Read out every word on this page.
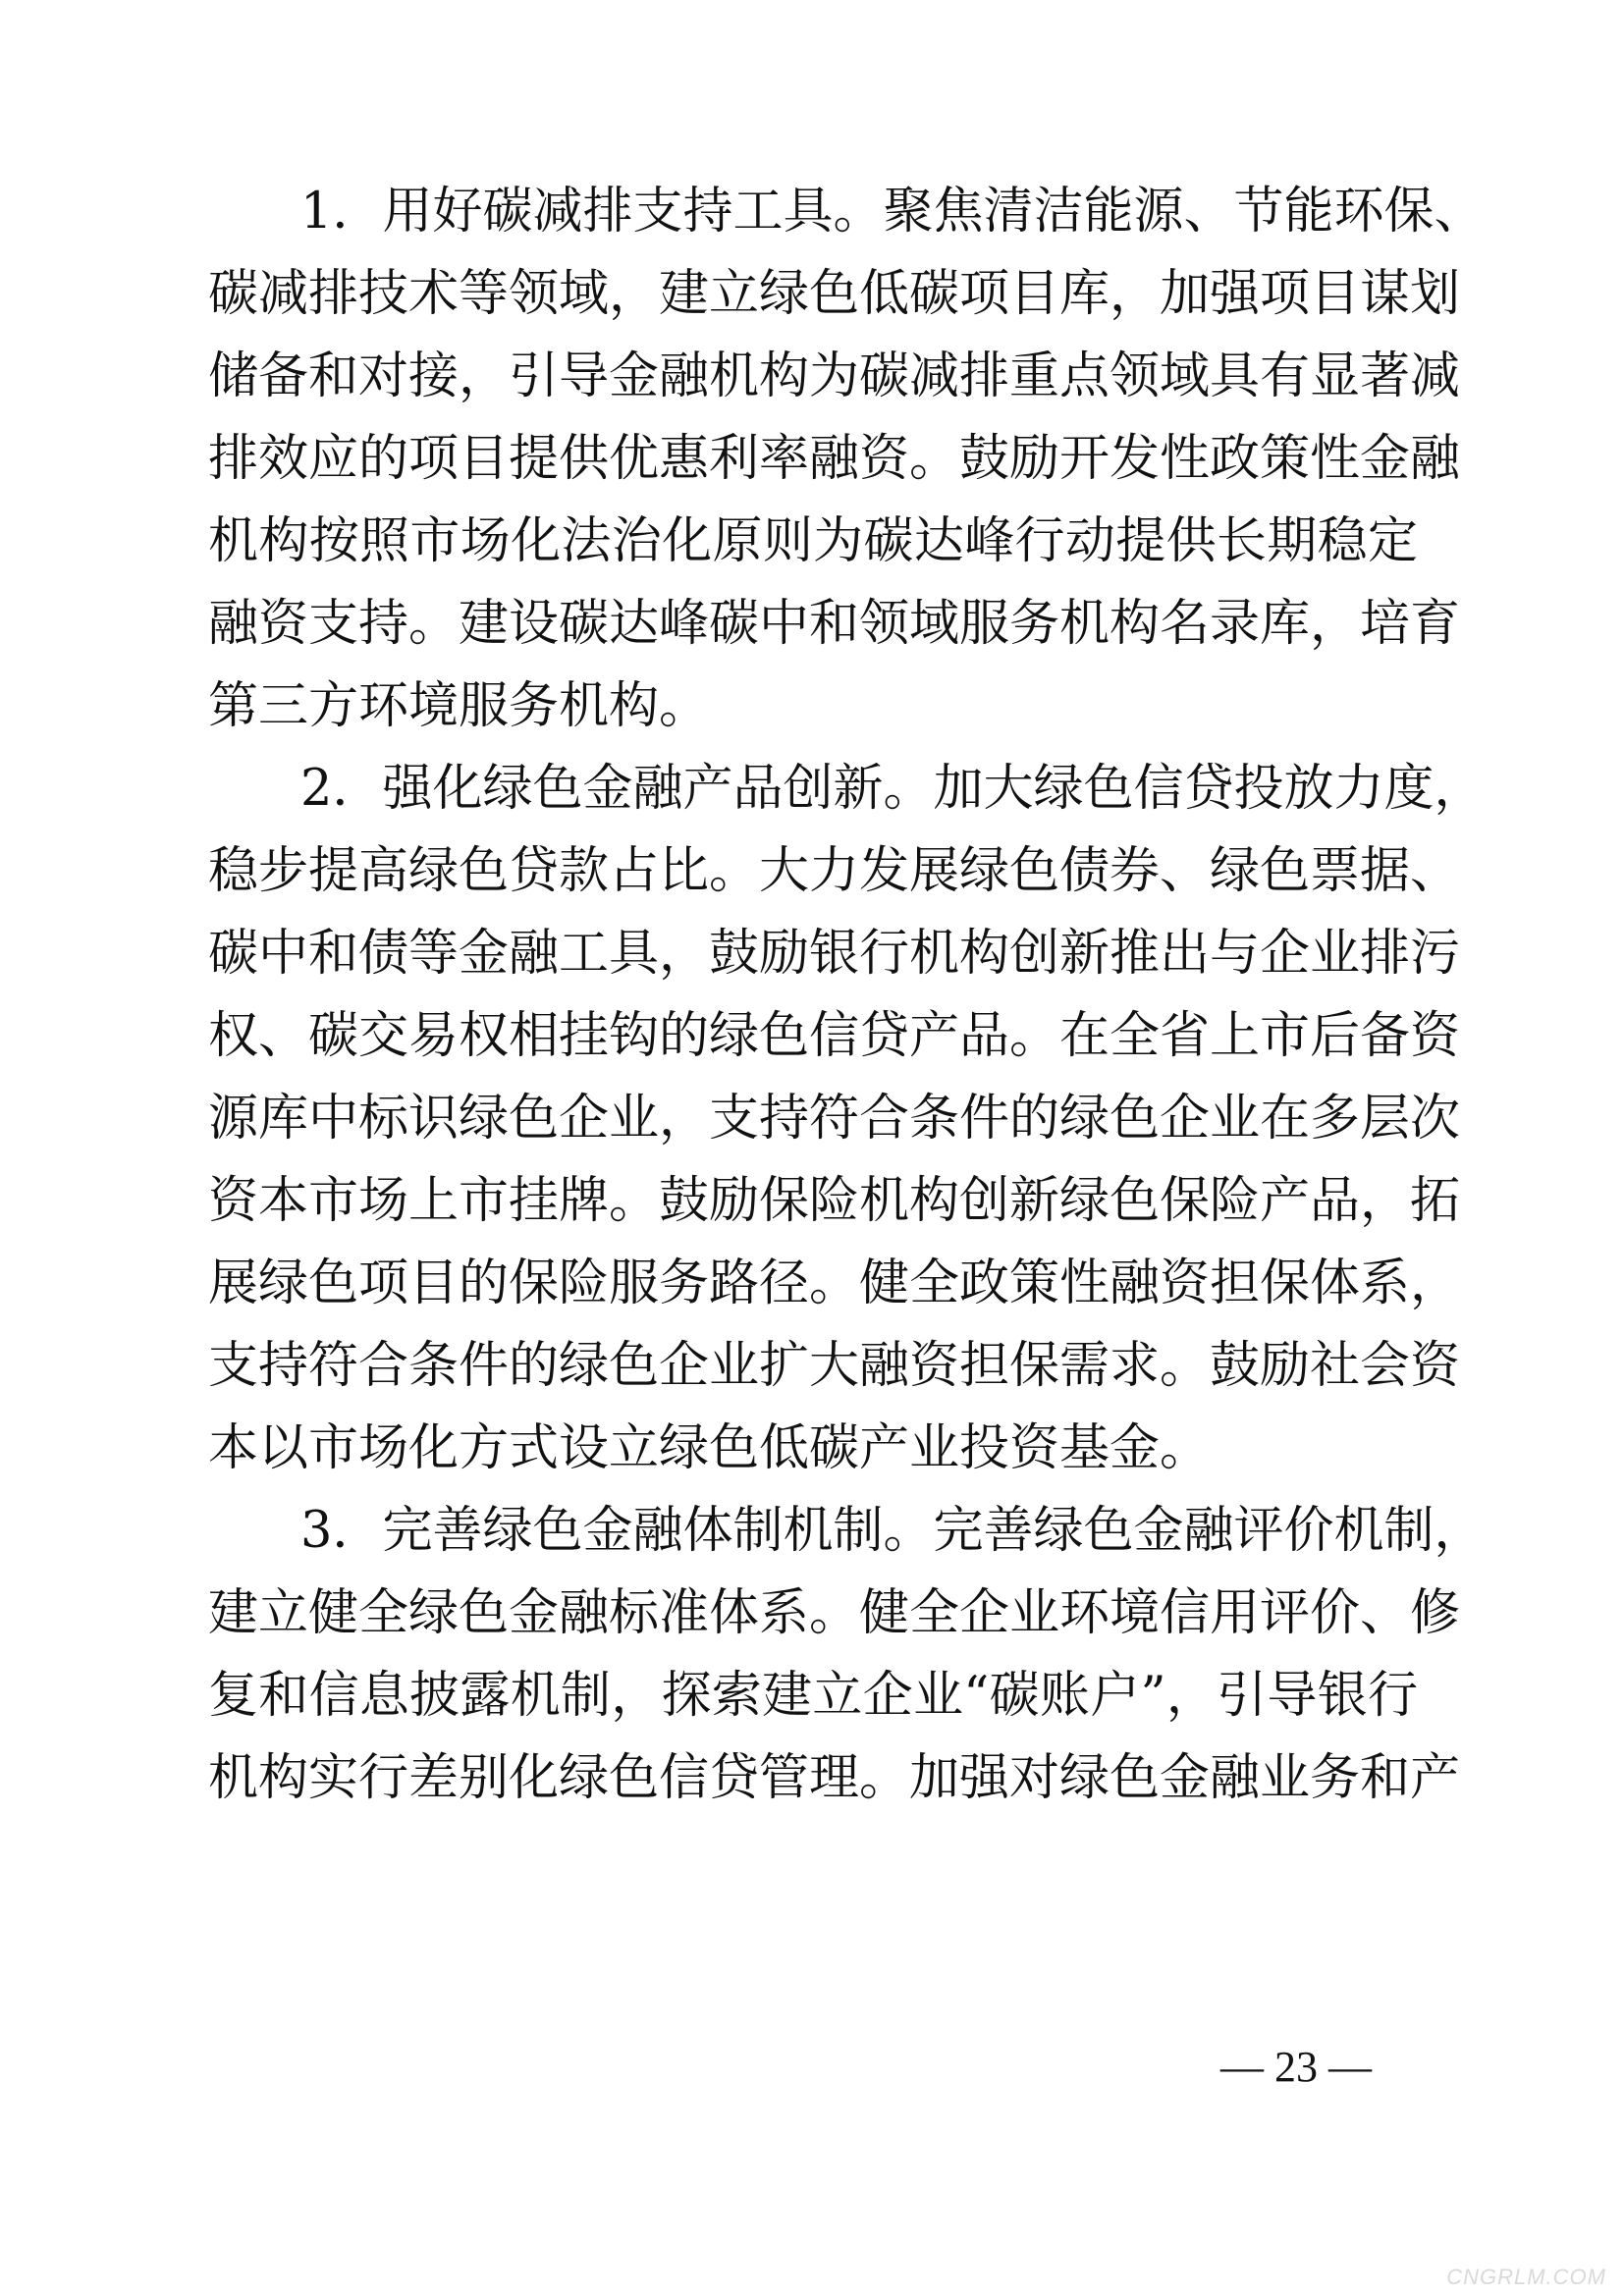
1．用好碳减排支持工具。聚焦清洁能源、节能环保、
碳减排技术等领域，建立绿色低碳项目库，加强项目谋划
储备和对接，引导金融机构为碳减排重点领域具有显著减
排效应的项目提供优惠利率融资。鼓励开发性政策性金融
机构按照市场化法治化原则为碳达峰行动提供长期稳定
融资支持。建设碳达峰碳中和领域服务机构名录库，培育
第三方环境服务机构。
2．强化绿色金融产品创新。加大绿色信贷投放力度，
稳步提高绿色贷款占比。大力发展绿色债券、绿色票据、
碳中和债等金融工具，鼓励银行机构创新推出与企业排污
权、碳交易权相挂钩的绿色信贷产品。在全省上市后备资
源库中标识绿色企业，支持符合条件的绿色企业在多层次
资本市场上市挂牌。鼓励保险机构创新绿色保险产品，拓
展绿色项目的保险服务路径。健全政策性融资担保体系，
支持符合条件的绿色企业扩大融资担保需求。鼓励社会资
本以市场化方式设立绿色低碳产业投资基金。
3．完善绿色金融体制机制。完善绿色金融评价机制，
建立健全绿色金融标准体系。健全企业环境信用评价、修
复和信息披露机制，探索建立企业“碳账户”，引导银行
机构实行差别化绿色信贷管理。加强对绿色金融业务和产
— 23 —
CNGRLM.COM
